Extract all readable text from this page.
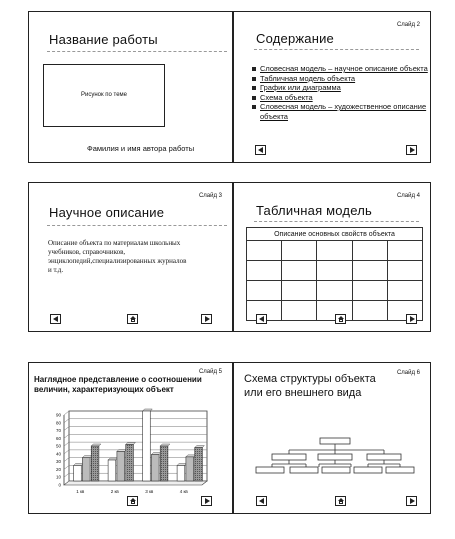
Название работы
Рисунок по теме
Фамилия и имя автора работы
Слайд 2
Содержание
Словесная модель – научное описание объекта
Табличная модель объекта
График или диаграмма
Схема объекта
Словесная модель – художественное описание объекта
Слайд 3
Научное описание
Описание объекта по материалам школьных учебников, справочников, энциклопедий,специализированных журналов и т.д.
Слайд 4
Табличная модель
Описание основных свойств объекта				

Слайд 5
Наглядное представление о соотношении величин, характеризующих объект
0
10
20
30
40
50
60
70
80
90
1 кв	2 кв	3 кв	4 кв
Слайд 6
Схема структуры объекта или его внешнего вида
